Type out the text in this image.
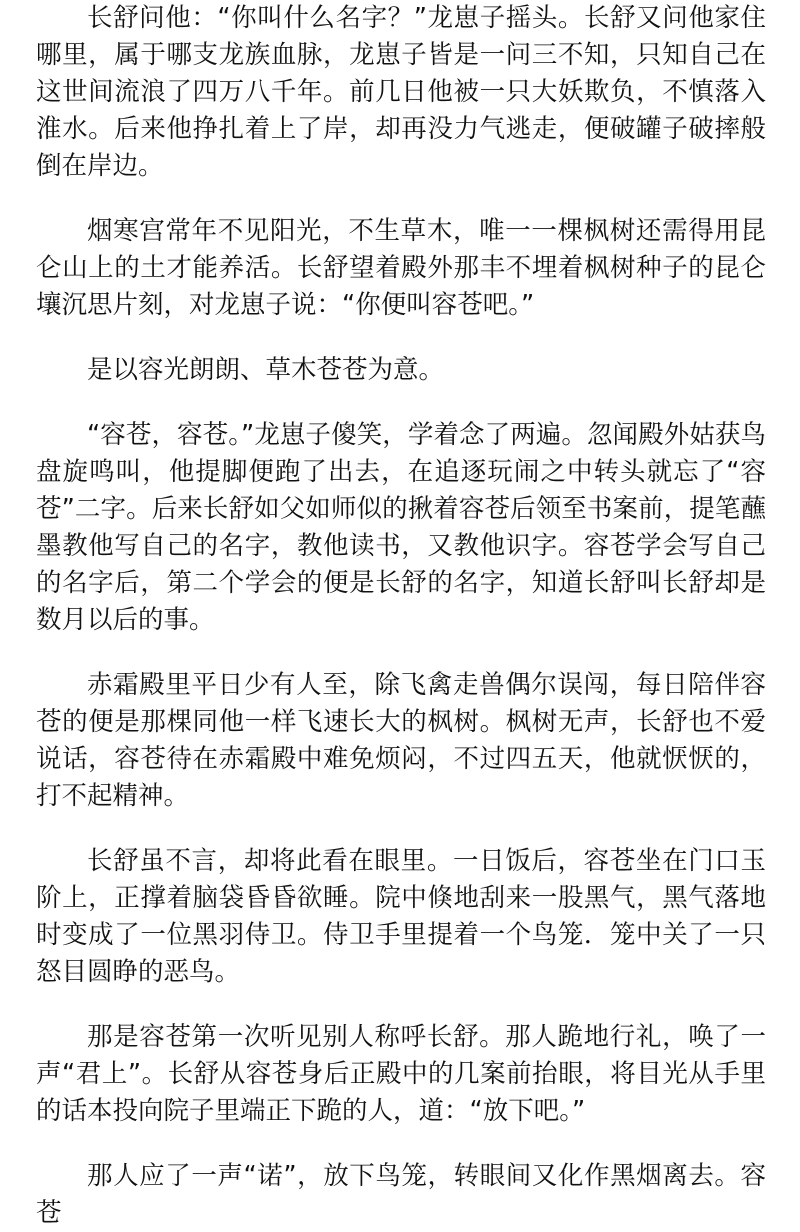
长舒问他：“你叫什么名字？”龙崽子摇头。长舒又问他家住哪里，属于哪支龙族血脉，龙崽子皆是一问三不知，只知自己在这世间流浪了四万八千年。前几日他被一只大妖欺负，不慎落入淮水。后来他挣扎着上了岸，却再没力气逃走，便破罐子破摔般倒在岸边。

烟寒宫常年不见阳光，不生草木，唯一一棵枫树还需得用昆仑山上的土才能养活。长舒望着殿外那丰不埋着枫树种子的昆仑壤沉思片刻，对龙崽子说：“你便叫容苍吧。”

是以容光朗朗、草木苍苍为意。

“容苍，容苍。”龙崽子傻笑，学着念了两遍。忽闻殿外姑获鸟盘旋鸣叫，他提脚便跑了出去，在追逐玩闹之中转头就忘了“容苍”二字。后来长舒如父如师似的揪着容苍后领至书案前，提笔蘸墨教他写自己的名字，教他读书，又教他识字。容苍学会写自己的名字后，第二个学会的便是长舒的名字，知道长舒叫长舒却是数月以后的事。

赤霜殿里平日少有人至，除飞禽走兽偶尔误闯，每日陪伴容苍的便是那棵同他一样飞速长大的枫树。枫树无声，长舒也不爱说话，容苍待在赤霜殿中难免烦闷，不过四五天，他就恹恹的，打不起精神。

长舒虽不言，却将此看在眼里。一日饭后，容苍坐在门口玉阶上，正撑着脑袋昏昏欲睡。院中倏地刮来一股黑气，黑气落地时变成了一位黑羽侍卫。侍卫手里提着一个鸟笼．笼中关了一只怒目圆睁的恶鸟。

那是容苍第一次听见别人称呼长舒。那人跪地行礼，唤了一声“君上”。长舒从容苍身后正殿中的几案前抬眼，将目光从手里的话本投向院子里端正下跪的人，道：“放下吧。”

那人应了一声“诺”，放下鸟笼，转眼间又化作黑烟离去。容苍
